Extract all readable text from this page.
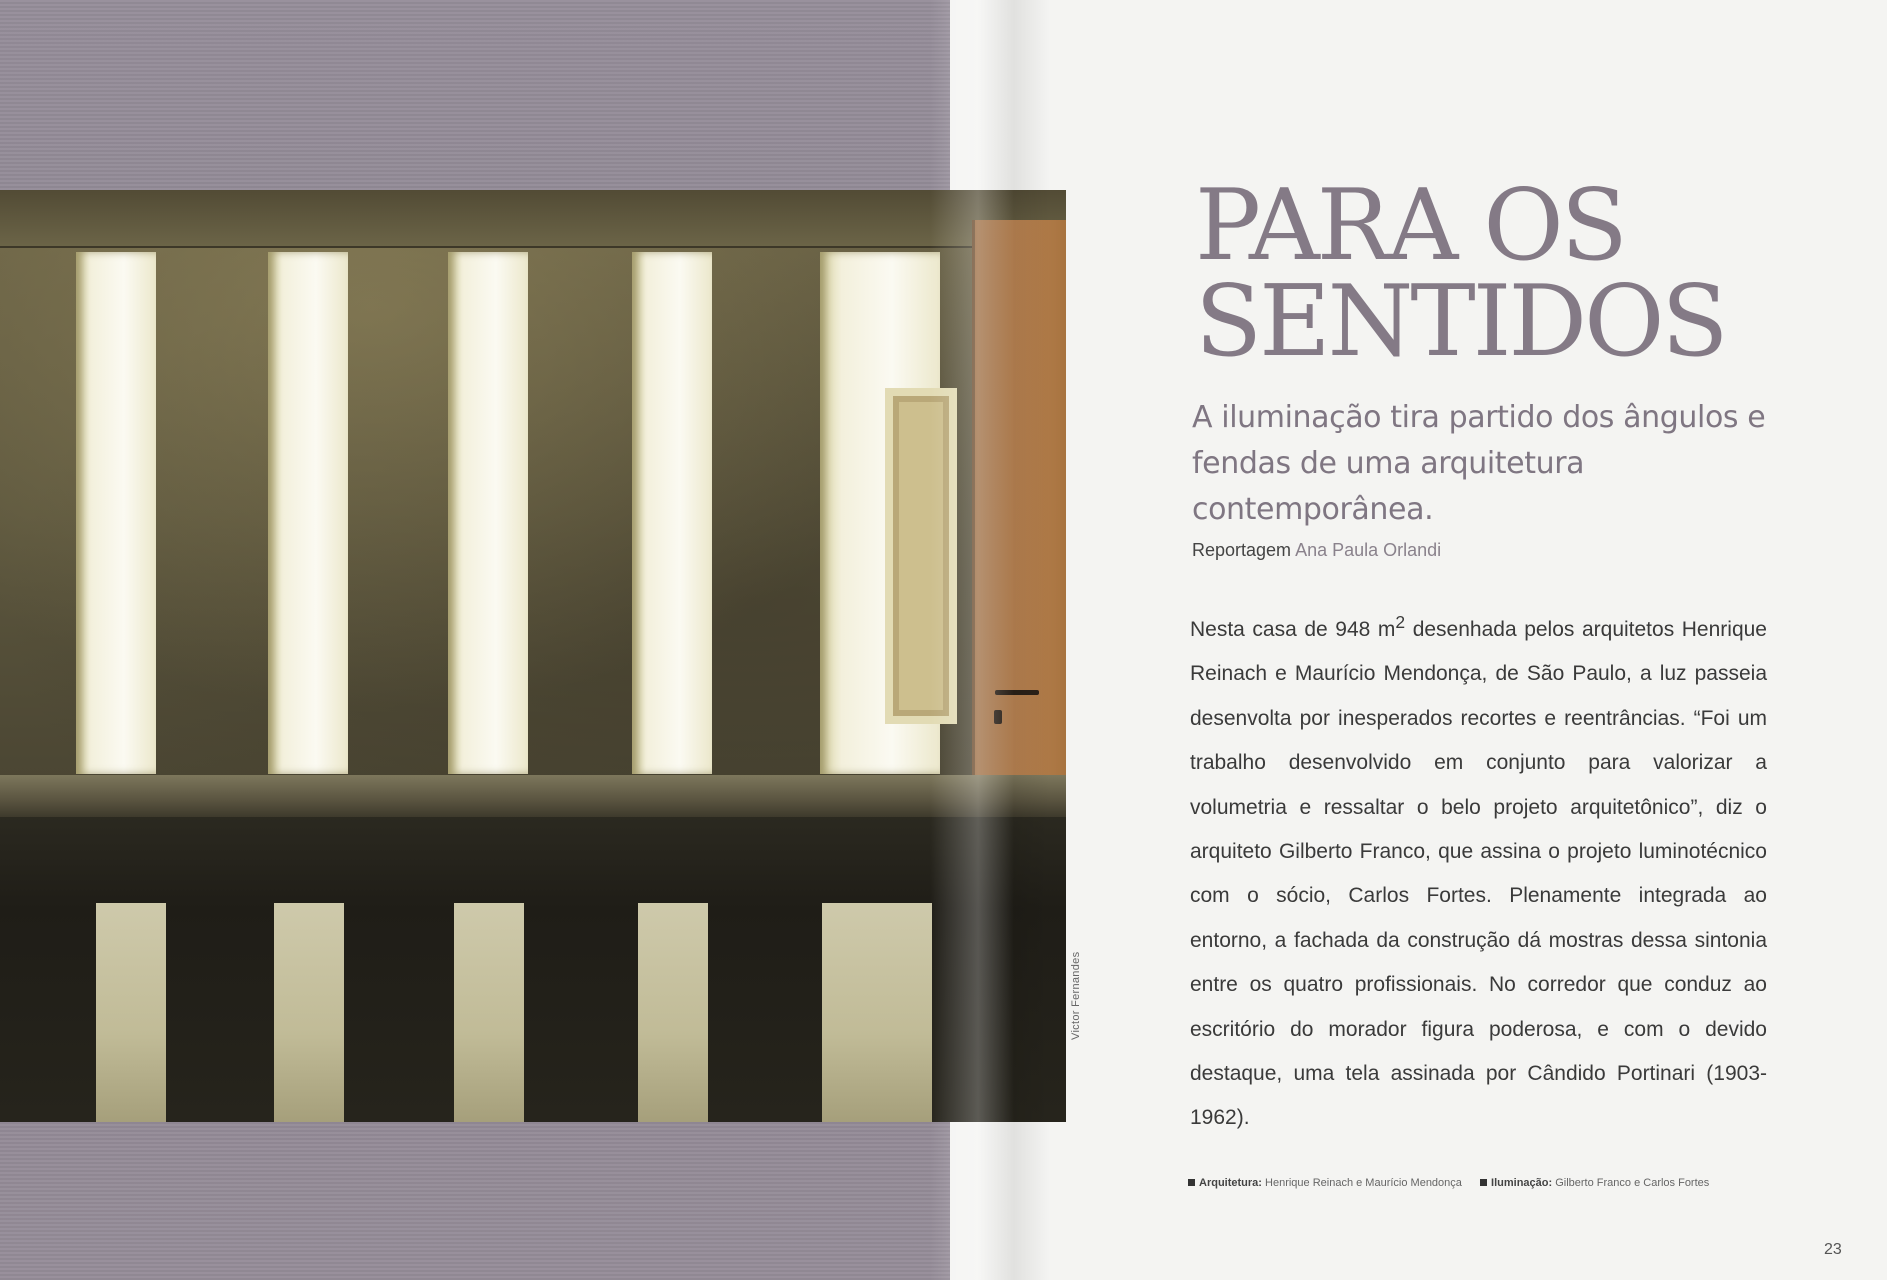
Victor Fernandes
PARA OS
SENTIDOS
A iluminação tira partido dos ângulos e fendas de uma arquitetura contemporânea.
Reportagem Ana Paula Orlandi

Nesta casa de 948 $m^2$ desenhada pelos arquitetos Henrique Reinach e Maurício Mendonça, de São Paulo, a luz passeia desenvolta por inesperados recortes e reentrâncias. “Foi um trabalho desenvolvido em conjunto para valorizar a volumetria e ressaltar o belo projeto arquitetônico”, diz o arquiteto Gilberto Franco, que assina o projeto luminotécnico com o sócio, Carlos Fortes. Plenamente integrada ao entorno, a fachada da construção dá mostras dessa sintonia entre os quatro profissionais. No corredor que conduz ao escritório do morador figura poderosa, e com o devido destaque, uma tela assinada por Cândido Portinari (1903-1962).

Arquitetura: Henrique Reinach e Maurício Mendonça	Iluminação: Gilberto Franco e Carlos Fortes
23
